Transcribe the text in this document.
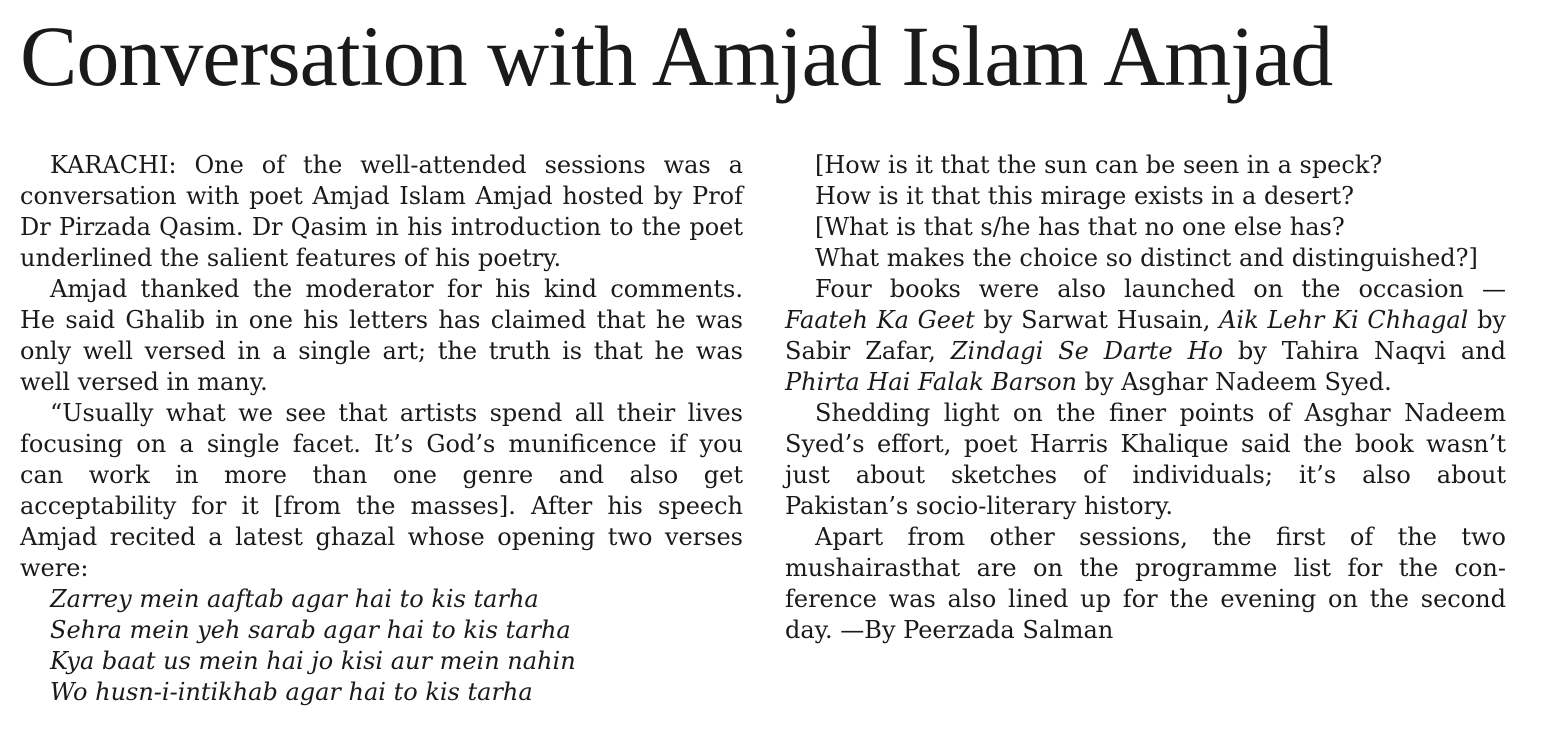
Conversation with Amjad Islam Amjad

KARACHI: One of the well-attended sessions was a conversation with poet Amjad Islam Amjad hosted by Prof Dr Pirzada Qasim. Dr Qasim in his introduction to the poet underlined the salient features of his poetry.

Amjad thanked the moderator for his kind comments. He said Ghalib in one his letters has claimed that he was only well versed in a single art; the truth is that he was well versed in many.

“Usually what we see that artists spend all their lives focusing on a single facet. It’s God’s munificence if you can work in more than one genre and also get acceptability for it [from the masses]. After his speech Amjad recited a latest ghazal whose opening two verses were:

Zarrey mein aaftab agar hai to kis tarha

Sehra mein yeh sarab agar hai to kis tarha

Kya baat us mein hai jo kisi aur mein nahin

Wo husn-i-intikhab agar hai to kis tarha

[How is it that the sun can be seen in a speck?

How is it that this mirage exists in a desert?

[What is that s/he has that no one else has?

What makes the choice so distinct and distinguished?]

Four books were also launched on the occasion — Faateh Ka Geet by Sarwat Husain, Aik Lehr Ki Chhagal by Sabir Zafar, Zindagi Se Darte Ho by Tahira Naqvi and Phirta Hai Falak Barson by Asghar Nadeem Syed.

Shedding light on the finer points of Asghar Nadeem Syed’s effort, poet Harris Khalique said the book wasn’t just about sketches of individuals; it’s also about Pakistan’s socio-literary history.

Apart from other sessions, the first of the two mushairasthat are on the programme list for the conference was also lined up for the evening on the second day. —By Peerzada Salman
